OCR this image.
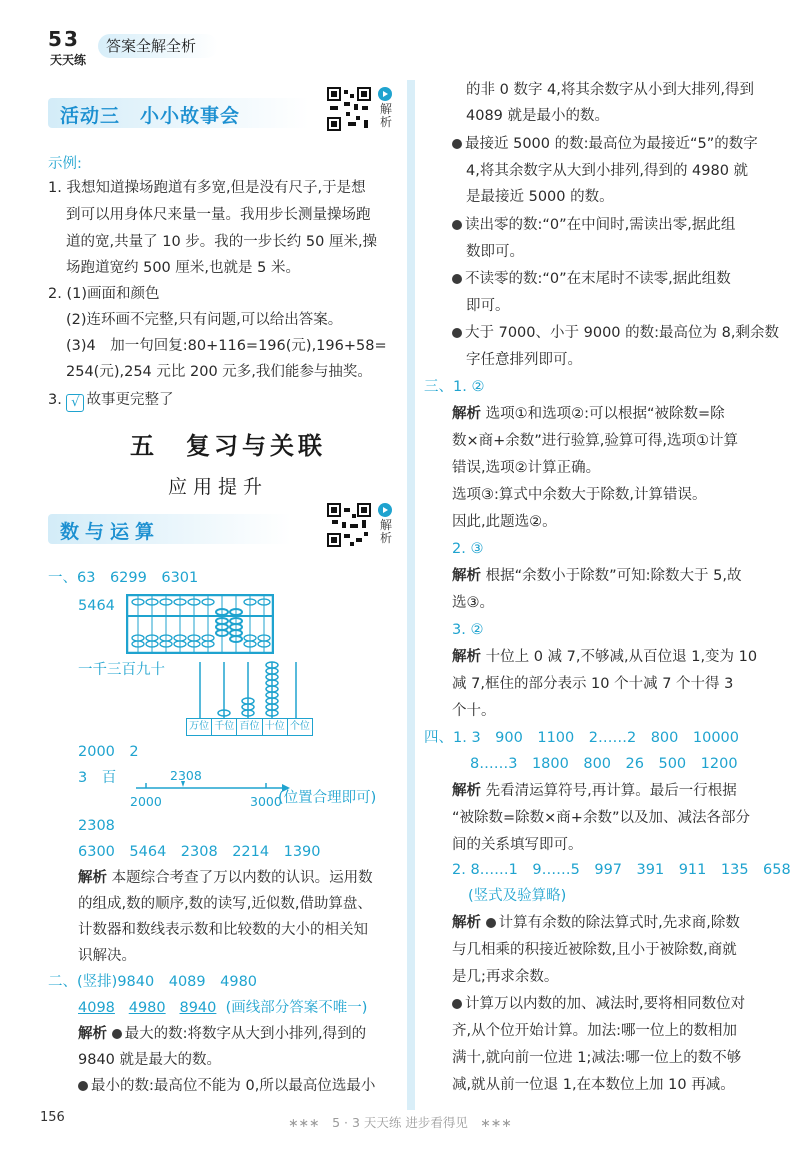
5 3
天天练
答案全解全析
活动三　小小故事会	解析
示例:
1. 我想知道操场跑道有多宽,但是没有尺子,于是想
到可以用身体尺来量一量。我用步长测量操场跑
道的宽,共量了 10 步。我的一步长约 50 厘米,操
场跑道宽约 500 厘米,也就是 5 米。
2. (1)画面和颜色
(2)连环画不完整,只有问题,可以给出答案。
(3)4　加一句回复:80+116=196(元),196+58=
254(元),254 元比 200 元多,我们能参与抽奖。
3. √ 故事更完整了
五　复习与关联
应用提升
数与运算	解析
一、63　6299　6301
5464
一千三百九十
万位 千位 百位 十位 个位
2000　2
3　百	2308
2000	3000
(位置合理即可)
2308
6300　5464　2308　2214　1390
解析 本题综合考查了万以内数的认识。运用数
的组成,数的顺序,数的读写,近似数,借助算盘、
计数器和数线表示数和比较数的大小的相关知
识解决。
二、(竖排)9840　4089　4980
4098 4980 8940 (画线部分答案不唯一)
解析 最大的数:将数字从大到小排列,得到的
9840 就是最大的数。
最小的数:最高位不能为 0,所以最高位选最小
的非 0 数字 4,将其余数字从小到大排列,得到
4089 就是最小的数。
最接近 5000 的数:最高位为最接近“5”的数字
4,将其余数字从大到小排列,得到的 4980 就
是最接近 5000 的数。
读出零的数:“0”在中间时,需读出零,据此组
数即可。
不读零的数:“0”在末尾时不读零,据此组数
即可。
大于 7000、小于 9000 的数:最高位为 8,剩余数
字任意排列即可。
三、1. ②
解析 选项①和选项②:可以根据“被除数=除
数×商+余数”进行验算,验算可得,选项①计算
错误,选项②计算正确。
选项③:算式中余数大于除数,计算错误。
因此,此题选②。
2. ③
解析 根据“余数小于除数”可知:除数大于 5,故
选③。
3. ②
解析 十位上 0 减 7,不够减,从百位退 1,变为 10
减 7,框住的部分表示 10 个十减 7 个十得 3
个十。
四、1. 3　900　1100　2……2　800　10000
8……3　1800　800　26　500　1200
解析 先看清运算符号,再计算。最后一行根据
“被除数=除数×商+余数”以及加、减法各部分
间的关系填写即可。
2. 8……1　9……5　997　391　911　135　658
(竖式及验算略)
解析 计算有余数的除法算式时,先求商,除数
与几相乘的积接近被除数,且小于被除数,商就
是几;再求余数。
计算万以内数的加、减法时,要将相同数位对
齐,从个位开始计算。加法:哪一位上的数相加
满十,就向前一位进 1;减法:哪一位上的数不够
减,就从前一位退 1,在本数位上加 10 再减。
156	∗∗∗　5 · 3 天天练 进步看得见　∗∗∗
